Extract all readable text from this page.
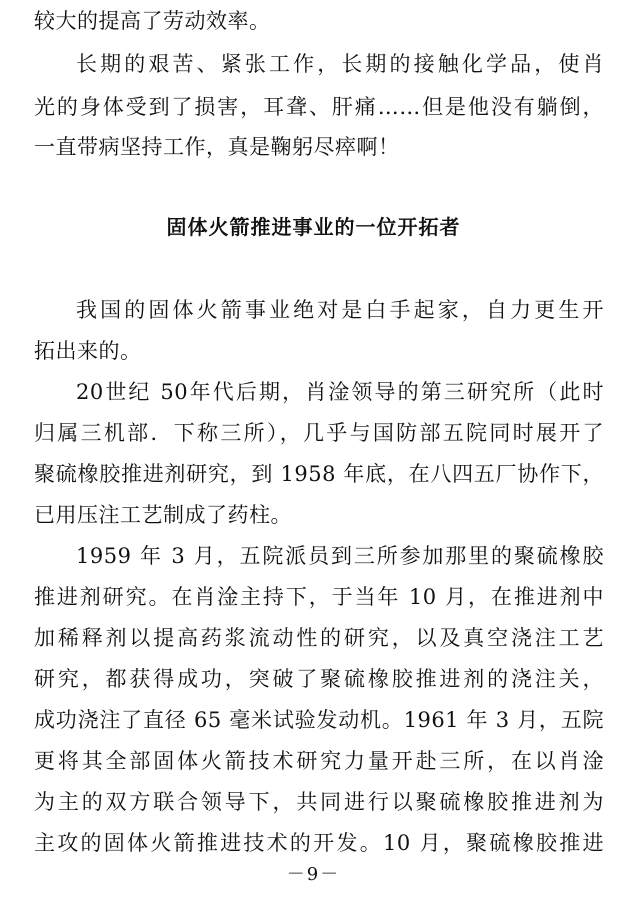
较大的提高了劳动效率。
长期的艰苦、紧张工作，长期的接触化学品，使肖
光的身体受到了损害，耳聋、肝痛……但是他没有躺倒，
一直带病坚持工作，真是鞠躬尽瘁啊！
固体火箭推进事业的一位开拓者
我国的固体火箭事业绝对是白手起家，自力更生开
拓出来的。
20世纪 50年代后期，肖淦领导的第三研究所（此时
归属三机部．下称三所），几乎与国防部五院同时展开了
聚硫橡胶推进剂研究，到 1958 年底，在八四五厂协作下，
已用压注工艺制成了药柱。
1959 年 3 月，五院派员到三所参加那里的聚硫橡胶
推进剂研究。在肖淦主持下，于当年 10 月，在推进剂中
加稀释剂以提高药浆流动性的研究，以及真空浇注工艺
研究，都获得成功，突破了聚硫橡胶推进剂的浇注关，
成功浇注了直径 65 毫米试验发动机。1961 年 3 月，五院
更将其全部固体火箭技术研究力量开赴三所，在以肖淦
为主的双方联合领导下，共同进行以聚硫橡胶推进剂为
主攻的固体火箭推进技术的开发。10 月，聚硫橡胶推进
－9－
